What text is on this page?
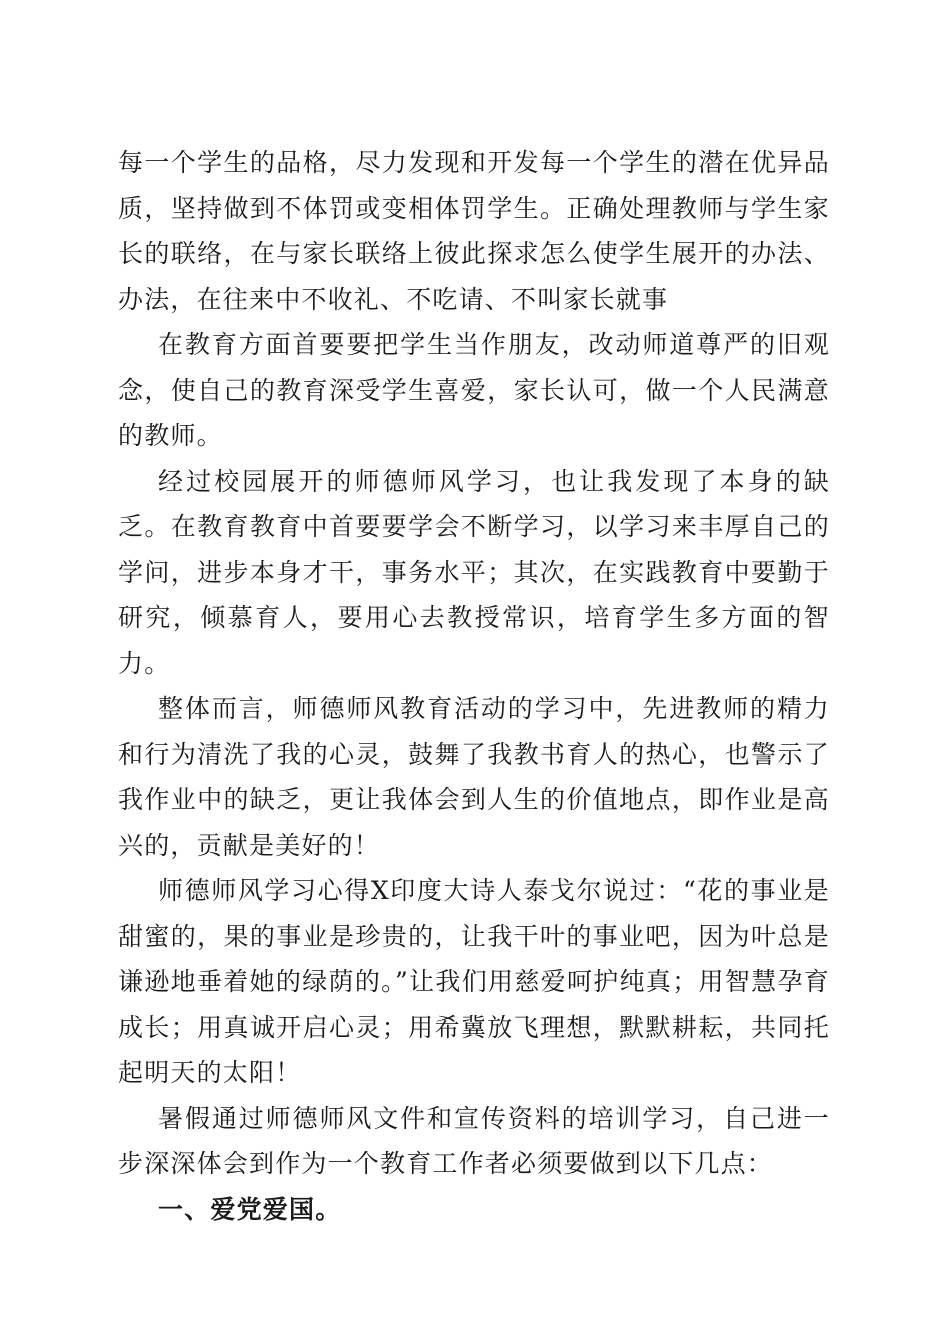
每一个学生的品格，尽力发现和开发每一个学生的潜在优异品质，坚持做到不体罚或变相体罚学生。正确处理教师与学生家长的联络，在与家长联络上彼此探求怎么使学生展开的办法、办法，在往来中不收礼、不吃请、不叫家长就事

在教育方面首要要把学生当作朋友，改动师道尊严的旧观念，使自己的教育深受学生喜爱，家长认可，做一个人民满意的教师。

经过校园展开的师德师风学习，也让我发现了本身的缺乏。在教育教育中首要要学会不断学习，以学习来丰厚自己的学问，进步本身才干，事务水平；其次，在实践教育中要勤于研究，倾慕育人，要用心去教授常识，培育学生多方面的智力。

整体而言，师德师风教育活动的学习中，先进教师的精力和行为清洗了我的心灵，鼓舞了我教书育人的热心，也警示了我作业中的缺乏，更让我体会到人生的价值地点，即作业是高兴的，贡献是美好的！

师德师风学习心得X印度大诗人泰戈尔说过：“花的事业是甜蜜的，果的事业是珍贵的，让我干叶的事业吧，因为叶总是谦逊地垂着她的绿荫的。”让我们用慈爱呵护纯真；用智慧孕育成长；用真诚开启心灵；用希冀放飞理想，默默耕耘，共同托起明天的太阳！

暑假通过师德师风文件和宣传资料的培训学习，自己进一步深深体会到作为一个教育工作者必须要做到以下几点：

一、爱党爱国。
